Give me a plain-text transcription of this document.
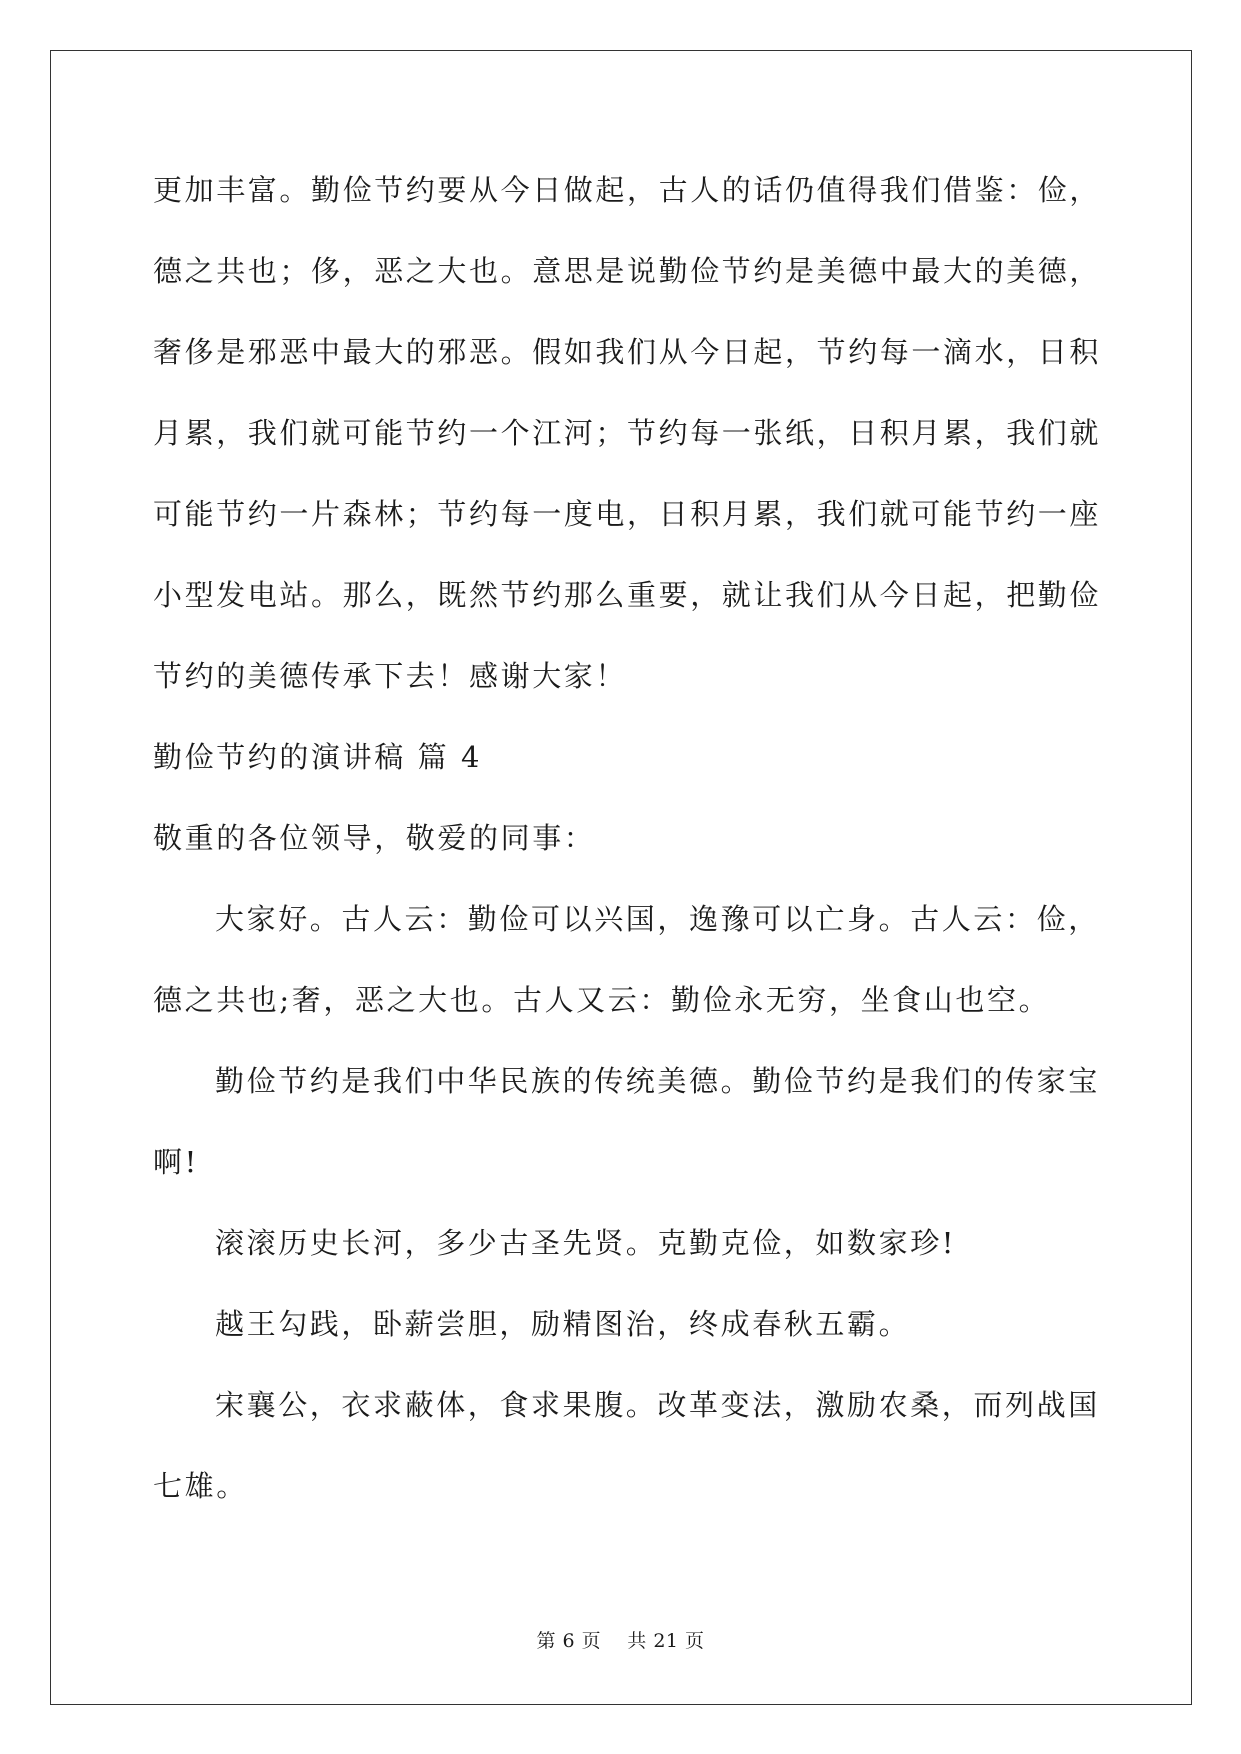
更加丰富。勤俭节约要从今日做起，古人的话仍值得我们借鉴：俭，
德之共也；侈，恶之大也。意思是说勤俭节约是美德中最大的美德，
奢侈是邪恶中最大的邪恶。假如我们从今日起，节约每一滴水，日积
月累，我们就可能节约一个江河；节约每一张纸，日积月累，我们就
可能节约一片森林；节约每一度电，日积月累，我们就可能节约一座
小型发电站。那么，既然节约那么重要，就让我们从今日起，把勤俭
节约的美德传承下去！感谢大家！
勤俭节约的演讲稿 篇 4
敬重的各位领导，敬爱的同事：
大家好。古人云：勤俭可以兴国，逸豫可以亡身。古人云：俭，
德之共也;奢，恶之大也。古人又云：勤俭永无穷，坐食山也空。
勤俭节约是我们中华民族的传统美德。勤俭节约是我们的传家宝
啊!
滚滚历史长河，多少古圣先贤。克勤克俭，如数家珍!
越王勾践，卧薪尝胆，励精图治，终成春秋五霸。
宋襄公，衣求蔽体，食求果腹。改革变法，激励农桑，而列战国
七雄。
第 6 页    共 21 页
